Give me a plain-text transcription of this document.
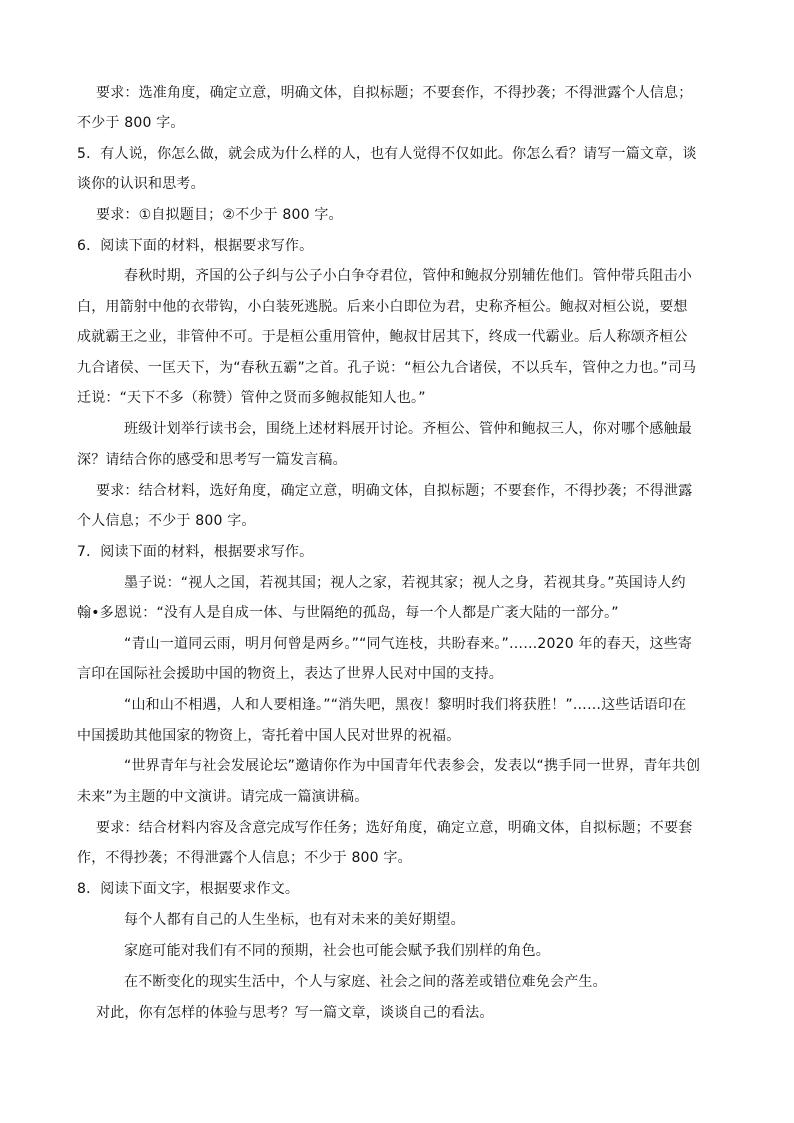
要求：选准角度，确定立意，明确文体，自拟标题；不要套作，不得抄袭；不得泄露个人信息；
不少于 800 字。
5．有人说，你怎么做，就会成为什么样的人，也有人觉得不仅如此。你怎么看？请写一篇文章，谈
谈你的认识和思考。
要求：①自拟题目；②不少于 800 字。
6．阅读下面的材料，根据要求写作。
春秋时期，齐国的公子纠与公子小白争夺君位，管仲和鲍叔分别辅佐他们。管仲带兵阻击小
白，用箭射中他的衣带钩，小白装死逃脱。后来小白即位为君，史称齐桓公。鲍叔对桓公说，要想
成就霸王之业，非管仲不可。于是桓公重用管仲，鲍叔甘居其下，终成一代霸业。后人称颂齐桓公
九合诸侯、一匡天下，为“春秋五霸”之首。孔子说：“桓公九合诸侯，不以兵车，管仲之力也。”司马
迁说：“天下不多（称赞）管仲之贤而多鲍叔能知人也。”
班级计划举行读书会，围绕上述材料展开讨论。齐桓公、管仲和鲍叔三人，你对哪个感触最
深？请结合你的感受和思考写一篇发言稿。
要求：结合材料，选好角度，确定立意，明确文体，自拟标题；不要套作，不得抄袭；不得泄露
个人信息；不少于 800 字。
7．阅读下面的材料，根据要求写作。
墨子说：“视人之国，若视其国；视人之家，若视其家；视人之身，若视其身。”英国诗人约
翰•多恩说：“没有人是自成一体、与世隔绝的孤岛，每一个人都是广袤大陆的一部分。”
“青山一道同云雨，明月何曾是两乡。”“同气连枝，共盼春来。”……2020 年的春天，这些寄
言印在国际社会援助中国的物资上，表达了世界人民对中国的支持。
“山和山不相遇，人和人要相逢。”“消失吧，黑夜！黎明时我们将获胜！”……这些话语印在
中国援助其他国家的物资上，寄托着中国人民对世界的祝福。
“世界青年与社会发展论坛”邀请你作为中国青年代表参会，发表以“携手同一世界，青年共创
未来”为主题的中文演讲。请完成一篇演讲稿。
要求：结合材料内容及含意完成写作任务；选好角度，确定立意，明确文体，自拟标题；不要套
作，不得抄袭；不得泄露个人信息；不少于 800 字。
8．阅读下面文字，根据要求作文。
每个人都有自己的人生坐标，也有对未来的美好期望。
家庭可能对我们有不同的预期，社会也可能会赋予我们别样的角色。
在不断变化的现实生活中，个人与家庭、社会之间的落差或错位难免会产生。
对此，你有怎样的体验与思考？写一篇文章，谈谈自己的看法。
